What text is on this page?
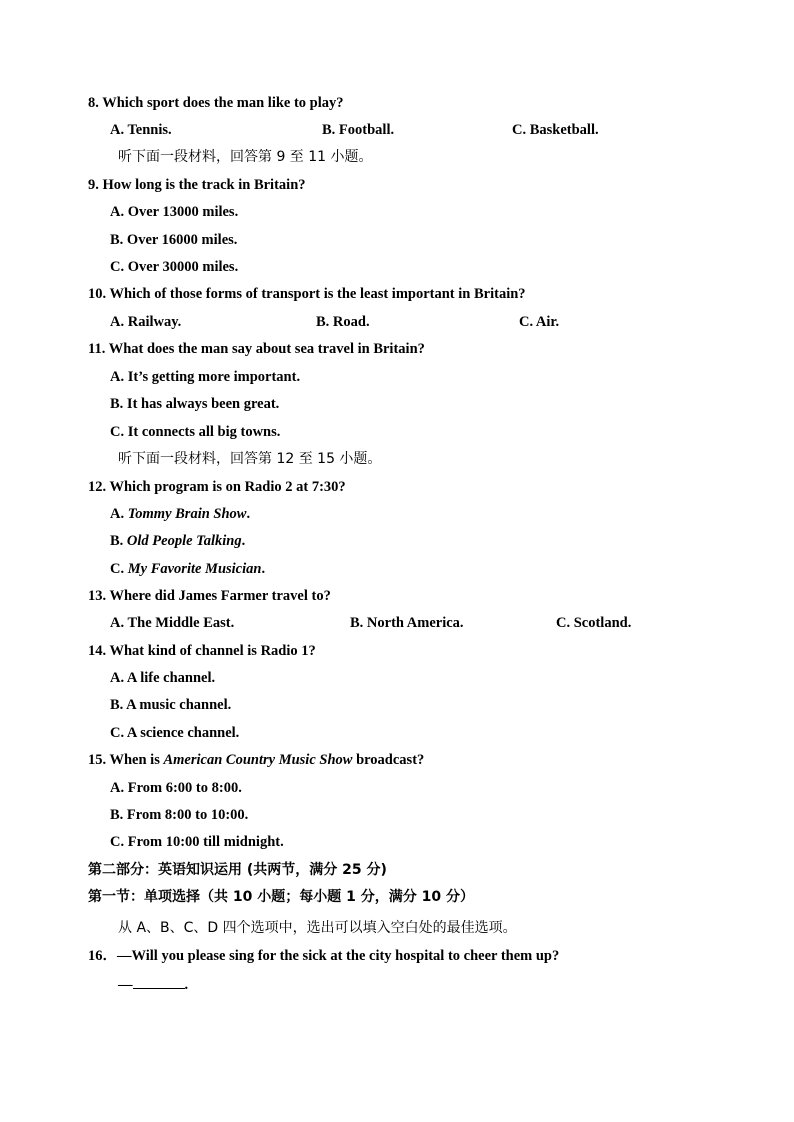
8. Which sport does the man like to play?
A. Tennis.	B. Football.	C. Basketball.
听下面一段材料，回答第 9 至 11 小题。
9. How long is the track in Britain?
A. Over 13000 miles.
B. Over 16000 miles.
C. Over 30000 miles.
10. Which of those forms of transport is the least important in Britain?
A. Railway.	B. Road.	C. Air.
11. What does the man say about sea travel in Britain?
A. It’s getting more important.
B. It has always been great.
C. It connects all big towns.
听下面一段材料，回答第 12 至 15 小题。
12. Which program is on Radio 2 at 7:30?
A. Tommy Brain Show.
B. Old People Talking.
C. My Favorite Musician.
13. Where did James Farmer travel to?
A. The Middle East.	B. North America.	C. Scotland.
14. What kind of channel is Radio 1?
A. A life channel.
B. A music channel.
C. A science channel.
15. When is American Country Music Show broadcast?
A. From 6:00 to 8:00.
B. From 8:00 to 10:00.
C. From 10:00 till midnight.
第二部分：英语知识运用 (共两节，满分 25 分)
第一节：单项选择（共 10 小题；每小题 1 分，满分 10 分）
从 A、B、C、D 四个选项中，选出可以填入空白处的最佳选项。
16．—Will you please sing for the sick at the city hospital to cheer them up?
—	.
